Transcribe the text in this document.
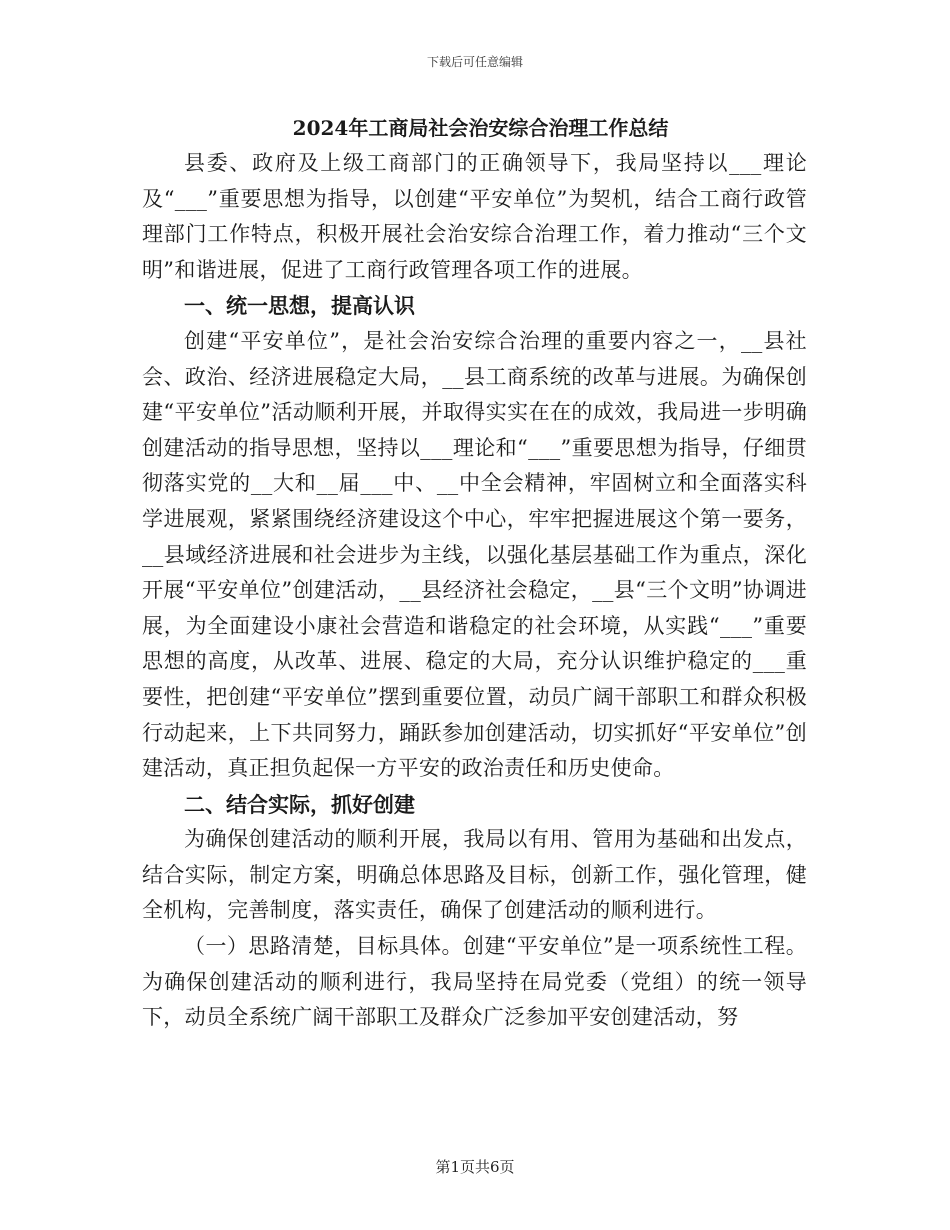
下载后可任意编辑
2024年工商局社会治安综合治理工作总结

县委、政府及上级工商部门的正确领导下，我局坚持以___理论及“___”重要思想为指导，以创建“平安单位”为契机，结合工商行政管理部门工作特点，积极开展社会治安综合治理工作，着力推动“三个文明”和谐进展，促进了工商行政管理各项工作的进展。

一、统一思想，提高认识

创建“平安单位”，是社会治安综合治理的重要内容之一，__县社会、政治、经济进展稳定大局，__县工商系统的改革与进展。为确保创建“平安单位”活动顺利开展，并取得实实在在的成效，我局进一步明确创建活动的指导思想，坚持以___理论和“___”重要思想为指导，仔细贯彻落实党的__大和__届___中、__中全会精神，牢固树立和全面落实科学进展观，紧紧围绕经济建设这个中心，牢牢把握进展这个第一要务，__县域经济进展和社会进步为主线，以强化基层基础工作为重点，深化开展“平安单位”创建活动，__县经济社会稳定，__县“三个文明”协调进展，为全面建设小康社会营造和谐稳定的社会环境，从实践“___”重要思想的高度，从改革、进展、稳定的大局，充分认识维护稳定的___重要性，把创建“平安单位”摆到重要位置，动员广阔干部职工和群众积极行动起来，上下共同努力，踊跃参加创建活动，切实抓好“平安单位”创建活动，真正担负起保一方平安的政治责任和历史使命。

二、结合实际，抓好创建

为确保创建活动的顺利开展，我局以有用、管用为基础和出发点，结合实际，制定方案，明确总体思路及目标，创新工作，强化管理，健全机构，完善制度，落实责任，确保了创建活动的顺利进行。

（一）思路清楚，目标具体。创建“平安单位”是一项系统性工程。为确保创建活动的顺利进行，我局坚持在局党委（党组）的统一领导下，动员全系统广阔干部职工及群众广泛参加平安创建活动，努

第1页共6页
